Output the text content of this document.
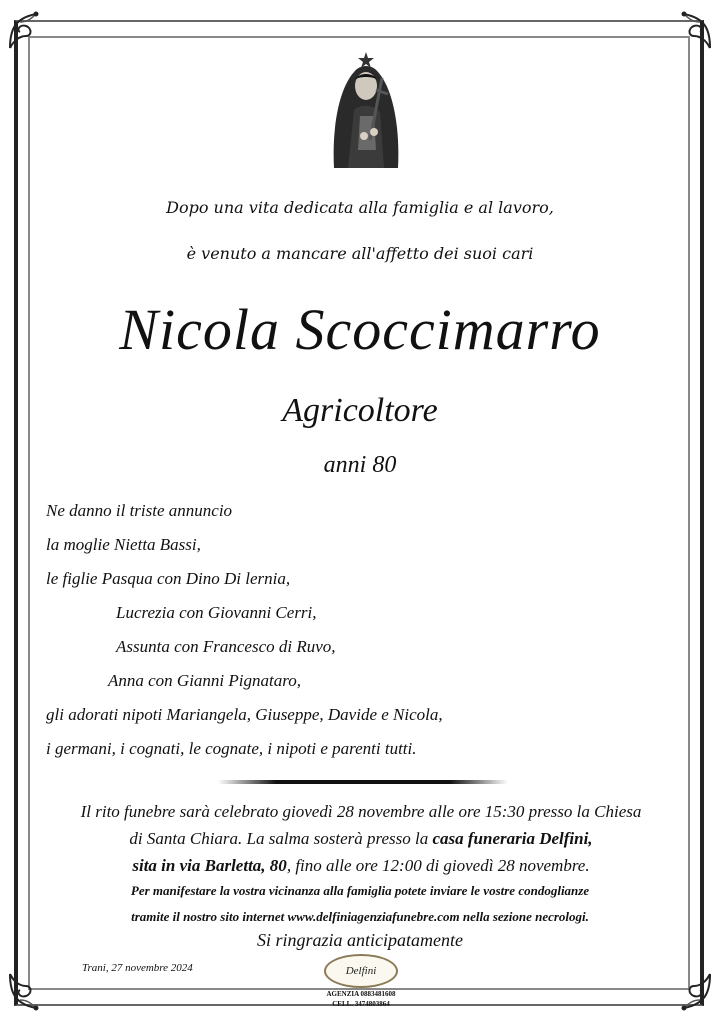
Dopo una vita dedicata alla famiglia e al lavoro,
è venuto a mancare all'affetto dei suoi cari
Nicola Scoccimarro
Agricoltore
anni 80
Ne danno il triste annuncio
la moglie Nietta Bassi,
le figlie Pasqua con Dino Di lernia,
Lucrezia con Giovanni Cerri,
Assunta con Francesco di Ruvo,
Anna con Gianni Pignataro,
gli adorati nipoti Mariangela, Giuseppe, Davide e Nicola,
i germani, i cognati, le cognate, i nipoti e parenti tutti.
Il rito funebre sarà celebrato giovedì 28 novembre alle ore 15:30 presso la Chiesa
di Santa Chiara. La salma sosterà presso la casa funeraria Delfini,
sita in via Barletta, 80, fino alle ore 12:00 di giovedì 28 novembre.
Per manifestare la vostra vicinanza alla famiglia potete inviare le vostre condoglianze
tramite il nostro sito internet www.delfiniagenziafunebre.com nella sezione necrologi.
Si ringrazia anticipatamente
Trani, 27 novembre 2024	Delfini
AGENZIA 0883481608
CELL. 3474803864
